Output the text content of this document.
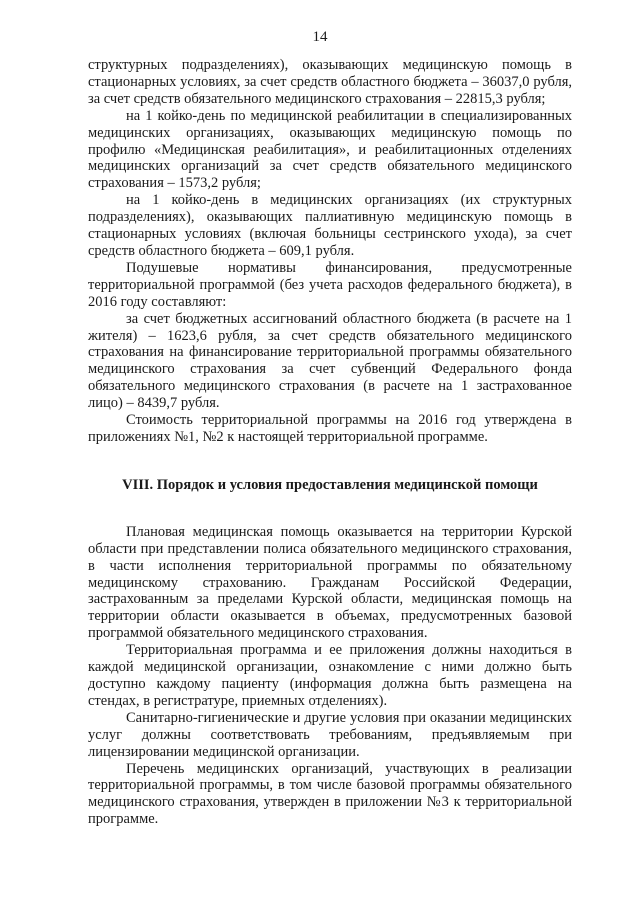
14

структурных подразделениях), оказывающих медицинскую помощь в стационарных условиях, за счет средств областного бюджета – 36037,0 рубля, за счет средств обязательного медицинского страхования – 22815,3 рубля;

на 1 койко-день по медицинской реабилитации в специализированных медицинских организациях, оказывающих медицинскую помощь по профилю «Медицинская реабилитация», и реабилитационных отделениях медицинских организаций за счет средств обязательного медицинского страхования – 1573,2 рубля;

на 1 койко-день в медицинских организациях (их структурных подразделениях), оказывающих паллиативную медицинскую помощь в стационарных условиях (включая больницы сестринского ухода), за счет средств областного бюджета – 609,1 рубля.

Подушевые нормативы финансирования, предусмотренные территориальной программой (без учета расходов федерального бюджета), в 2016 году составляют:

за счет бюджетных ассигнований областного бюджета (в расчете на 1 жителя) – 1623,6 рубля, за счет средств обязательного медицинского страхования на финансирование территориальной программы обязательного медицинского страхования за счет субвенций Федерального фонда обязательного медицинского страхования (в расчете на 1 застрахованное лицо) – 8439,7 рубля.

Стоимость территориальной программы на 2016 год утверждена в приложениях №1, №2 к настоящей территориальной программе.

VIII. Порядок и условия предоставления медицинской помощи

Плановая медицинская помощь оказывается на территории Курской области при представлении полиса обязательного медицинского страхования, в части исполнения территориальной программы по обязательному медицинскому страхованию. Гражданам Российской Федерации, застрахованным за пределами Курской области, медицинская помощь на территории области оказывается в объемах, предусмотренных базовой программой обязательного медицинского страхования.

Территориальная программа и ее приложения должны находиться в каждой медицинской организации, ознакомление с ними должно быть доступно каждому пациенту (информация должна быть размещена на стендах, в регистратуре, приемных отделениях).

Санитарно-гигиенические и другие условия при оказании медицинских услуг должны соответствовать требованиям, предъявляемым при лицензировании медицинской организации.

Перечень медицинских организаций, участвующих в реализации территориальной программы, в том числе базовой программы обязательного медицинского страхования, утвержден в приложении №3 к территориальной программе.
